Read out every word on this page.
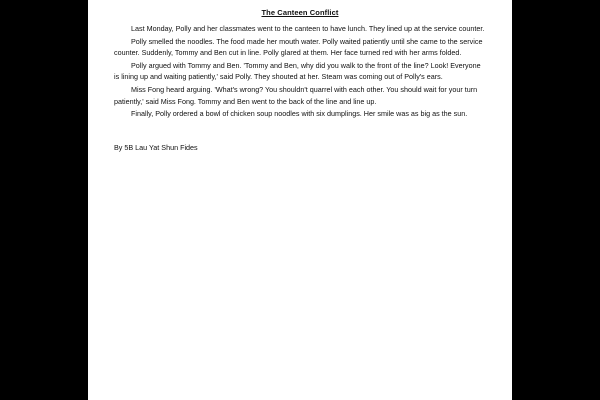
The Canteen Conflict

Last Monday, Polly and her classmates went to the canteen to have lunch. They lined up at the service counter.

Polly smelled the noodles. The food made her mouth water. Polly waited patiently until she came to the service counter. Suddenly, Tommy and Ben cut in line. Polly glared at them. Her face turned red with her arms folded.

Polly argued with Tommy and Ben. 'Tommy and Ben, why did you walk to the front of the line? Look! Everyone is lining up and waiting patiently,' said Polly. They shouted at her. Steam was coming out of Polly's ears.

Miss Fong heard arguing. 'What's wrong? You shouldn't quarrel with each other. You should wait for your turn patiently,' said Miss Fong. Tommy and Ben went to the back of the line and line up.

Finally, Polly ordered a bowl of chicken soup noodles with six dumplings. Her smile was as big as the sun.

By 5B Lau Yat Shun Fides
